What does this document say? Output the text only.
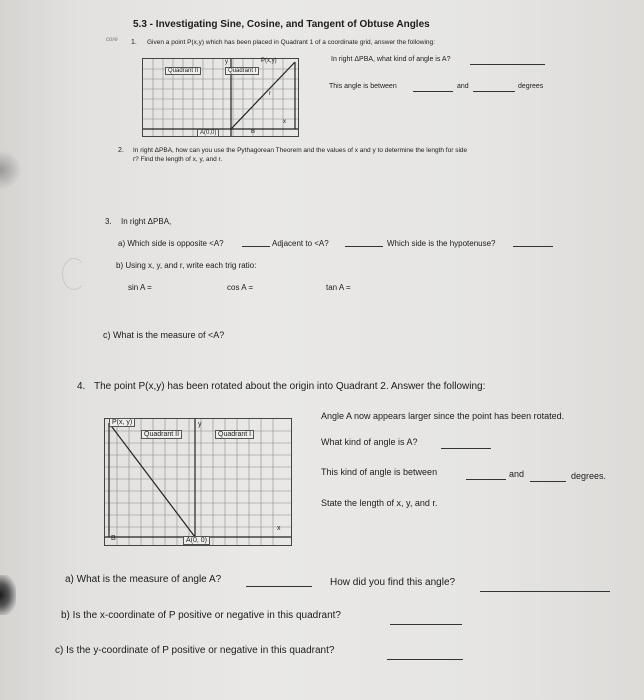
5.3 - Investigating Sine, Cosine, and Tangent of Obtuse Angles
core 1. Given a point P(x,y) which has been placed in Quadrant 1 of a coordinate grid, answer the following:
In right ΔPBA, what kind of angle is A?
This angle is between	and	degrees
Quadrant II	Quadrant I
P(x,y)
y
r
x
A(0,0)	B
2. In right ΔPBA, how can you use the Pythagorean Theorem and the values of x and y to determine the length for side
r? Find the length of x, y, and r.
3. In right ΔPBA,
a) Which side is opposite <A?	Adjacent to <A?	Which side is the hypotenuse?
b) Using x, y, and r, write each trig ratio:
sin A =	cos A =	tan A =
c) What is the measure of <A?
4. The point P(x,y) has been rotated about the origin into Quadrant 2. Answer the following:
Angle A now appears larger since the point has been rotated.
What kind of angle is A?
This kind of angle is between	and	degrees.
State the length of x, y, and r.
P(x, y)
Quadrant II	Quadrant I
y
x
A(0, 0)
B
a) What is the measure of angle A?	How did you find this angle?
b) Is the x-coordinate of P positive or negative in this quadrant?
c) Is the y-coordinate of P positive or negative in this quadrant?
